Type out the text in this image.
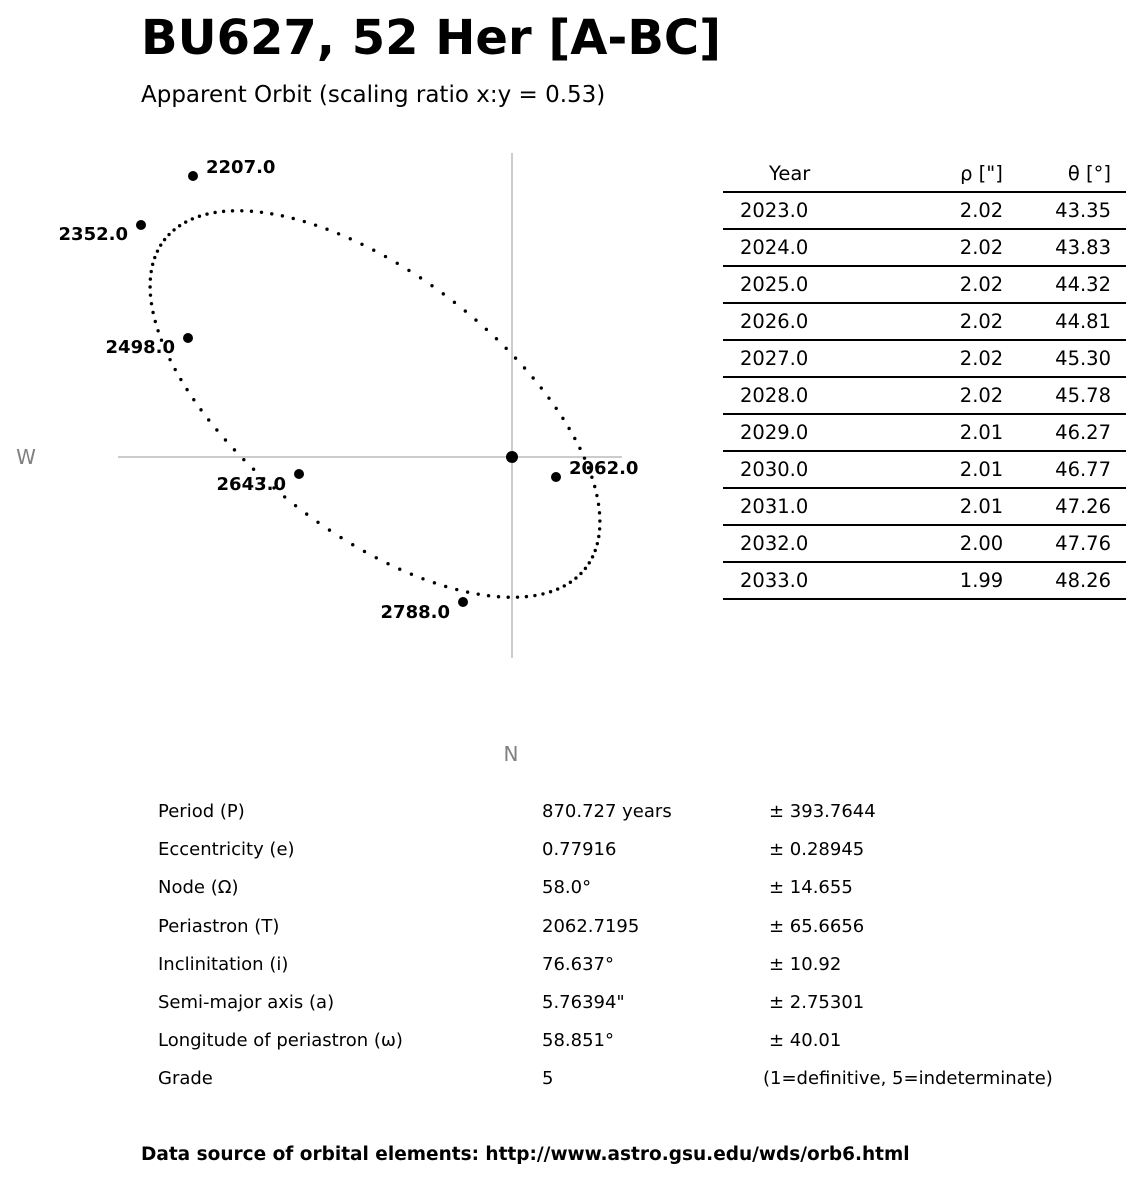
BU627, 52 Her [A-BC]
Apparent Orbit (scaling ratio x:y = 0.53)
2062.0
2207.0
2352.0
2498.0
2643.0
2788.0
W
N
Year	ρ ["]	θ [°]
2023.0	2.02	43.35
2024.0	2.02	43.83
2025.0	2.02	44.32
2026.0	2.02	44.81
2027.0	2.02	45.30
2028.0	2.02	45.78
2029.0	2.01	46.27
2030.0	2.01	46.77
2031.0	2.01	47.26
2032.0	2.00	47.76
2033.0	1.99	48.26
Period (P)	870.727 years	± 393.7644
Eccentricity (e)	0.77916	± 0.28945
Node (Ω)	58.0°	± 14.655
Periastron (T)	2062.7195	± 65.6656
Inclinitation (i)	76.637°	± 10.92
Semi-major axis (a)	5.76394"	± 2.75301
Longitude of periastron (ω)	58.851°	± 40.01
Grade	5	(1=definitive, 5=indeterminate)
Data source of orbital elements: http://www.astro.gsu.edu/wds/orb6.html
